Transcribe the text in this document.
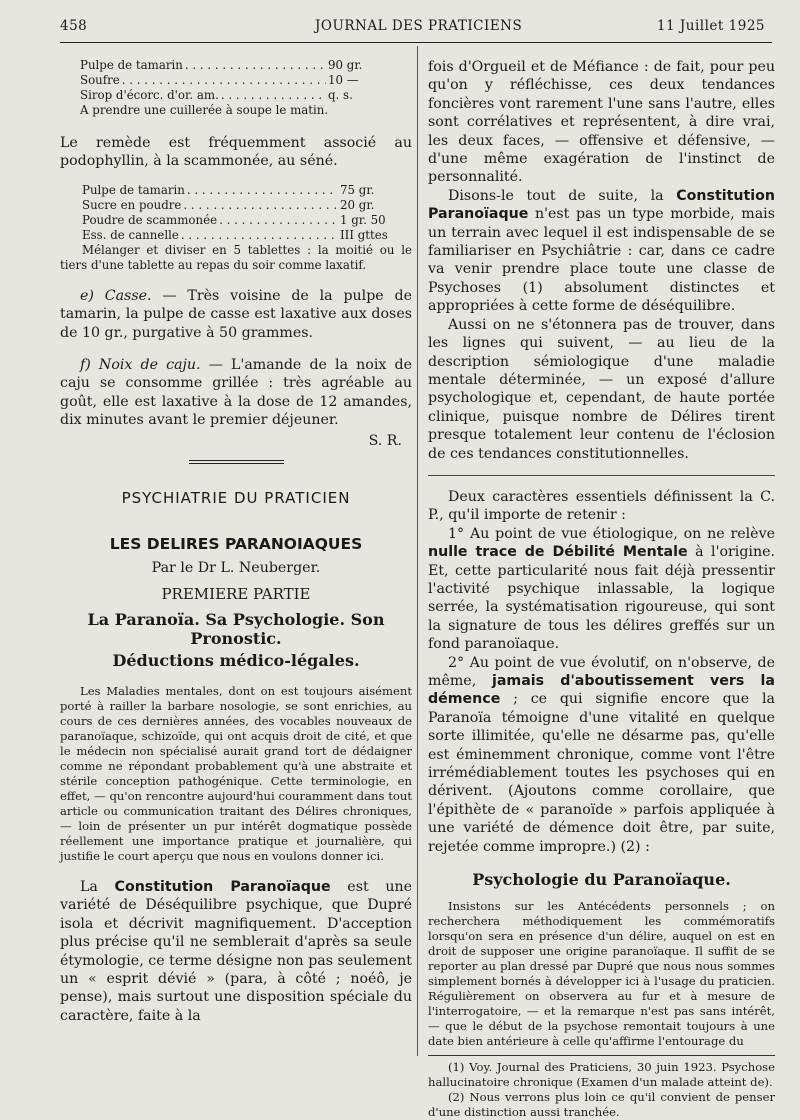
458	JOURNAL DES PRATICIENS	11 Juillet 1925
Pulpe de tamarin . . .	90 gr.
Soufre . . .	10 —
Sirop d'écorc. d'or. am. . . .	q. s.
A prendre une cuillerée à soupe le matin.

Le remède est fréquemment associé au podophyllin, à la scammonée, au séné.

Pulpe de tamarin . . .	75 gr.
Sucre en poudre . . .	20 gr.
Poudre de scammonée . . .	1 gr. 50
Ess. de cannelle . . .	III gttes

Mélanger et diviser en 5 tablettes : la moitié ou le tiers d'une tablette au repas du soir comme laxatif.

e) Casse. — Très voisine de la pulpe de tamarin, la pulpe de casse est laxative aux doses de 10 gr., purgative à 50 grammes.

f) Noix de caju. — L'amande de la noix de caju se consomme grillée : très agréable au goût, elle est laxative à la dose de 12 amandes, dix minutes avant le premier déjeuner.

S. R.

PSYCHIATRIE DU PRATICIEN
LES DELIRES PARANOIAQUES
Par le Dr L. Neuberger.
PREMIERE PARTIE
La Paranoïa. Sa Psychologie. Son Pronostic.
Déductions médico-légales.

Les Maladies mentales, dont on est toujours aisément porté à railler la barbare nosologie, se sont enrichies, au cours de ces dernières années, des vocables nouveaux de paranoïaque, schizoïde, qui ont acquis droit de cité, et que le médecin non spécialisé aurait grand tort de dédaigner comme ne répondant probablement qu'à une abstraite et stérile conception pathogénique. Cette terminologie, en effet, — qu'on rencontre aujourd'hui couramment dans tout article ou communication traitant des Délires chroniques, — loin de présenter un pur intérêt dogmatique possède réellement une importance pratique et journalière, qui justifie le court aperçu que nous en voulons donner ici.

La Constitution Paranoïaque est une variété de Déséquilibre psychique, que Dupré isola et décrivit magnifiquement. D'acception plus précise qu'il ne semblerait d'après sa seule étymologie, ce terme désigne non pas seulement un « esprit dévié » (para, à côté ; noéô, je pense), mais surtout une disposition spéciale du caractère, faite à la

fois d'Orgueil et de Méfiance : de fait, pour peu qu'on y réfléchisse, ces deux tendances foncières vont rarement l'une sans l'autre, elles sont corrélatives et représentent, à dire vrai, les deux faces, — offensive et défensive, — d'une même exagération de l'instinct de personnalité.

Disons-le tout de suite, la Constitution Paranoïaque n'est pas un type morbide, mais un terrain avec lequel il est indispensable de se familiariser en Psychiâtrie : car, dans ce cadre va venir prendre place toute une classe de Psychoses (1) absolument distinctes et appropriées à cette forme de déséquilibre.

Aussi on ne s'étonnera pas de trouver, dans les lignes qui suivent, — au lieu de la description sémiologique d'une maladie mentale déterminée, — un exposé d'allure psychologique et, cependant, de haute portée clinique, puisque nombre de Délires tirent presque totalement leur contenu de l'éclosion de ces tendances constitutionnelles.

Deux caractères essentiels définissent la C. P., qu'il importe de retenir :

1° Au point de vue étiologique, on ne relève nulle trace de Débilité Mentale à l'origine. Et, cette particularité nous fait déjà pressentir l'activité psychique inlassable, la logique serrée, la systématisation rigoureuse, qui sont la signature de tous les délires greffés sur un fond paranoïaque.

2° Au point de vue évolutif, on n'observe, de même, jamais d'aboutissement vers la démence ; ce qui signifie encore que la Paranoïa témoigne d'une vitalité en quelque sorte illimitée, qu'elle ne désarme pas, qu'elle est éminemment chronique, comme vont l'être irrémédiablement toutes les psychoses qui en dérivent. (Ajoutons comme corollaire, que l'épithète de « paranoïde » parfois appliquée à une variété de démence doit être, par suite, rejetée comme impropre.) (2) :

Psychologie du Paranoïaque.

Insistons sur les Antécédents personnels ; on recherchera méthodiquement les commémoratifs lorsqu'on sera en présence d'un délire, auquel on est en droit de supposer une origine paranoïaque. Il suffit de se reporter au plan dressé par Dupré que nous nous sommes simplement bornés à développer ici à l'usage du praticien. Régulièrement on observera au fur et à mesure de l'interrogatoire, — et la remarque n'est pas sans intérêt, — que le début de la psychose remontait toujours à une date bien antérieure à celle qu'affirme l'entourage du

(1) Voy. Journal des Praticiens, 30 juin 1923. Psychose hallucinatoire chronique (Examen d'un malade atteint de).

(2) Nous verrons plus loin ce qu'il convient de penser d'une distinction aussi tranchée.
